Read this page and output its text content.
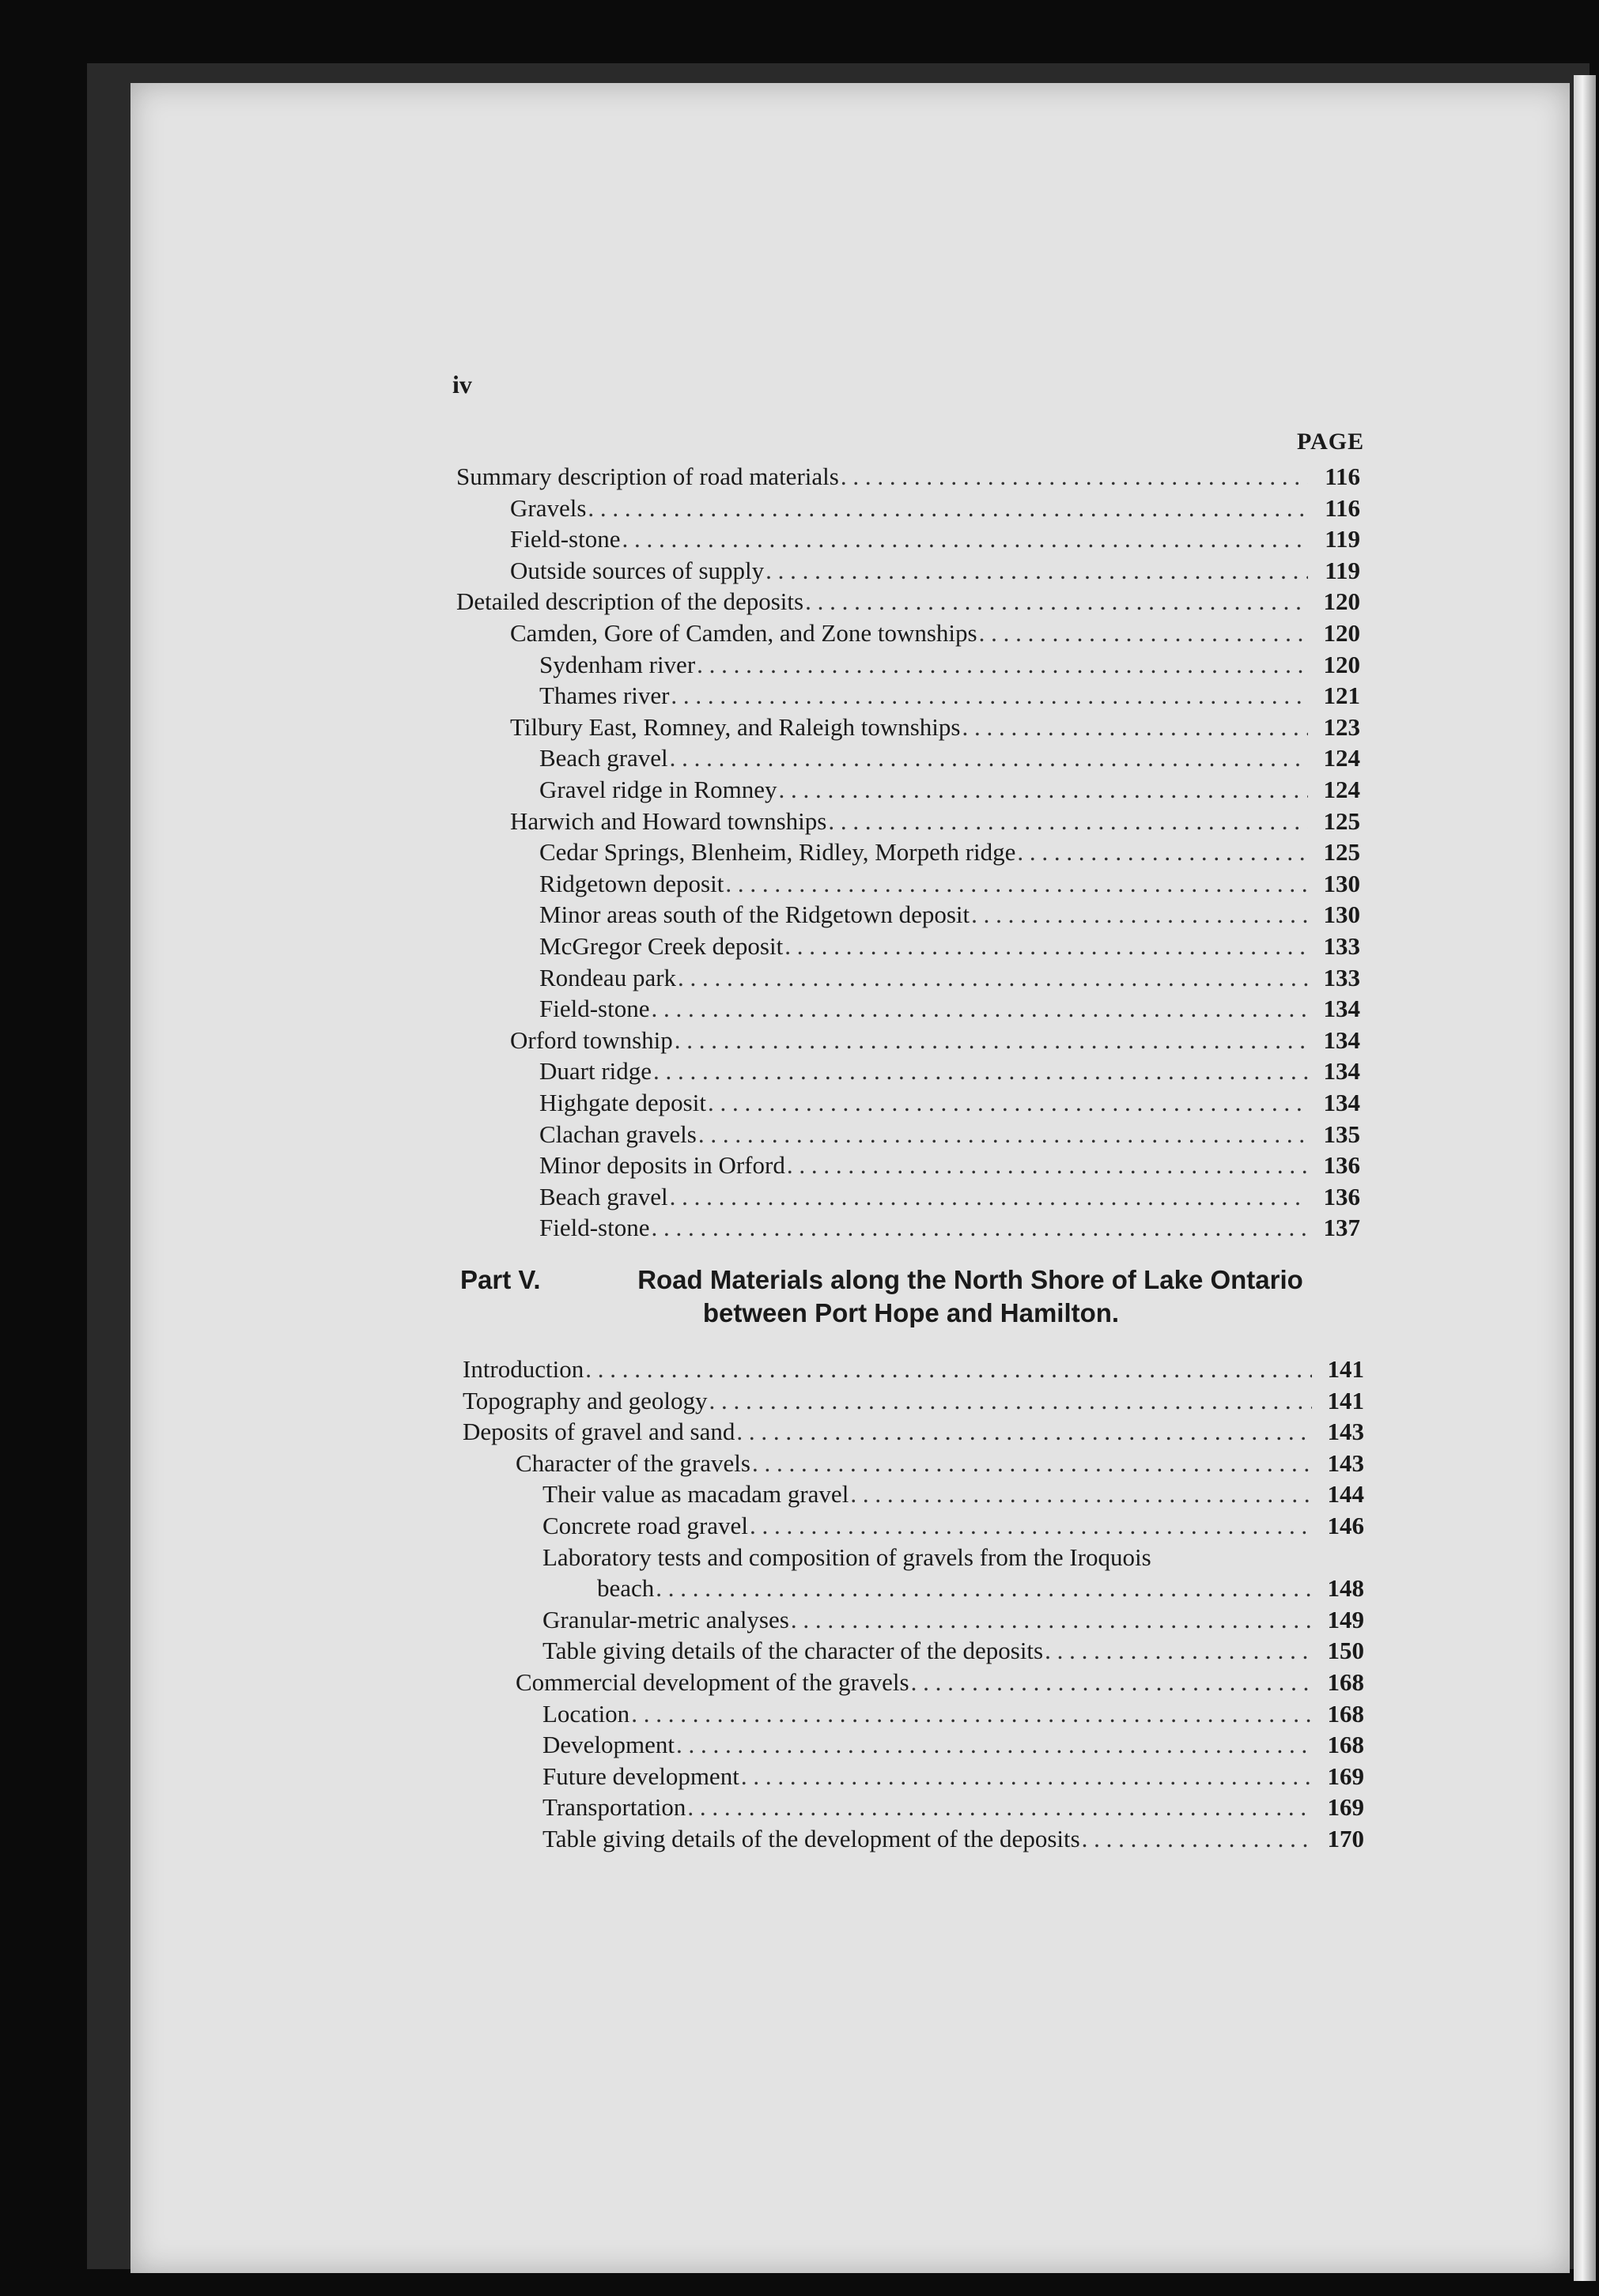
iv
PAGE
Summary description of road materials . . .	116
Gravels . . .	116
Field-stone . . .	119
Outside sources of supply . . .	119
Detailed description of the deposits . . .	120
Camden, Gore of Camden, and Zone townships . . .	120
Sydenham river . . .	120
Thames river . . .	121
Tilbury East, Romney, and Raleigh townships . . .	123
Beach gravel . . .	124
Gravel ridge in Romney . . .	124
Harwich and Howard townships . . .	125
Cedar Springs, Blenheim, Ridley, Morpeth ridge . . .	125
Ridgetown deposit . . .	130
Minor areas south of the Ridgetown deposit . . .	130
McGregor Creek deposit . . .	133
Rondeau park . . .	133
Field-stone . . .	134
Orford township . . .	134
Duart ridge . . .	134
Highgate deposit . . .	134
Clachan gravels . . .	135
Minor deposits in Orford . . .	136
Beach gravel . . .	136
Field-stone . . .	137
Part V.	Road Materials along the North Shore of Lake Ontario
between Port Hope and Hamilton.
Introduction . . .	141
Topography and geology . . .	141
Deposits of gravel and sand . . .	143
Character of the gravels . . .	143
Their value as macadam gravel . . .	144
Concrete road gravel . . .	146
Laboratory tests and composition of gravels from the Iroquois
beach . . .	148
Granular-metric analyses . . .	149
Table giving details of the character of the deposits . . .	150
Commercial development of the gravels . . .	168
Location . . .	168
Development . . .	168
Future development . . .	169
Transportation . . .	169
Table giving details of the development of the deposits . . .	170
